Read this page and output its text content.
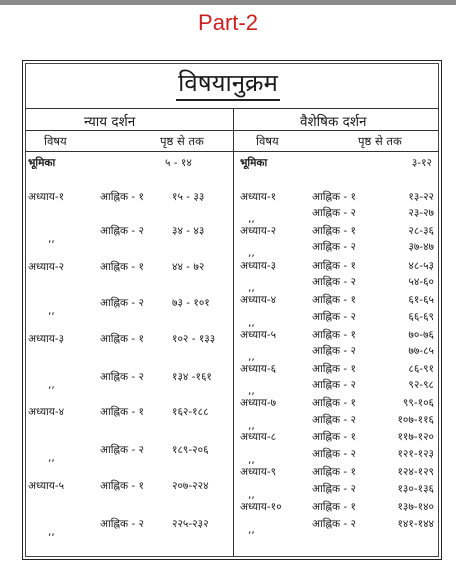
Part-2
विषयानुक्रम
न्याय दर्शन	वैशेषिक दर्शन
विषय	पृष्ठ से तक	विषय	पृष्ठ से तक
भूमिका	५ - १४	भूमिका	३-१२
अध्याय-१	आह्निक - १	१५ - ३३
,,
आह्निक - २	३४ - ४३
अध्याय-२	आह्निक - १	४४ - ७२
,,
आह्निक - २	७३ - १०१
अध्याय-३	आह्निक - १	१०२ - १३३
,,
आह्निक - २	१३४ -१६१
अध्याय-४	आह्निक - १	१६२-१८८
,,
आह्निक - २	१८९-२०६
अध्याय-५	आह्निक - १	२०७-२२४
,,
आह्निक - २	२२५-२३२
अध्याय-१	आह्निक - १	१३-२२
,,	आह्निक - २	२३-२७
अध्याय-२	आह्निक - १	२८-३६
,,	आह्निक - २	३७-४७
अध्याय-३	आह्निक - १	४८-५३
,,	आह्निक - २	५४-६०
अध्याय-४	आह्निक - १	६१-६५
,,	आह्निक - २	६६-६९
अध्याय-५	आह्निक - १	७०-७६
,,	आह्निक - २	७७-८५
अध्याय-६	आह्निक - १	८६-९१
,,	आह्निक - २	९२-९८
अध्याय-७	आह्निक - १	९९-१०६
,,	आह्निक - २	१०७-११६
अध्याय-८	आह्निक - १	११७-१२०
,,	आह्निक - २	१२१-१२३
अध्याय-९	आह्निक - १	१२४-१२९
,,	आह्निक - २	१३०-१३६
अध्याय-१०	आह्निक - १	१३७-१४०
,,	आह्निक - २	१४१-१४४
